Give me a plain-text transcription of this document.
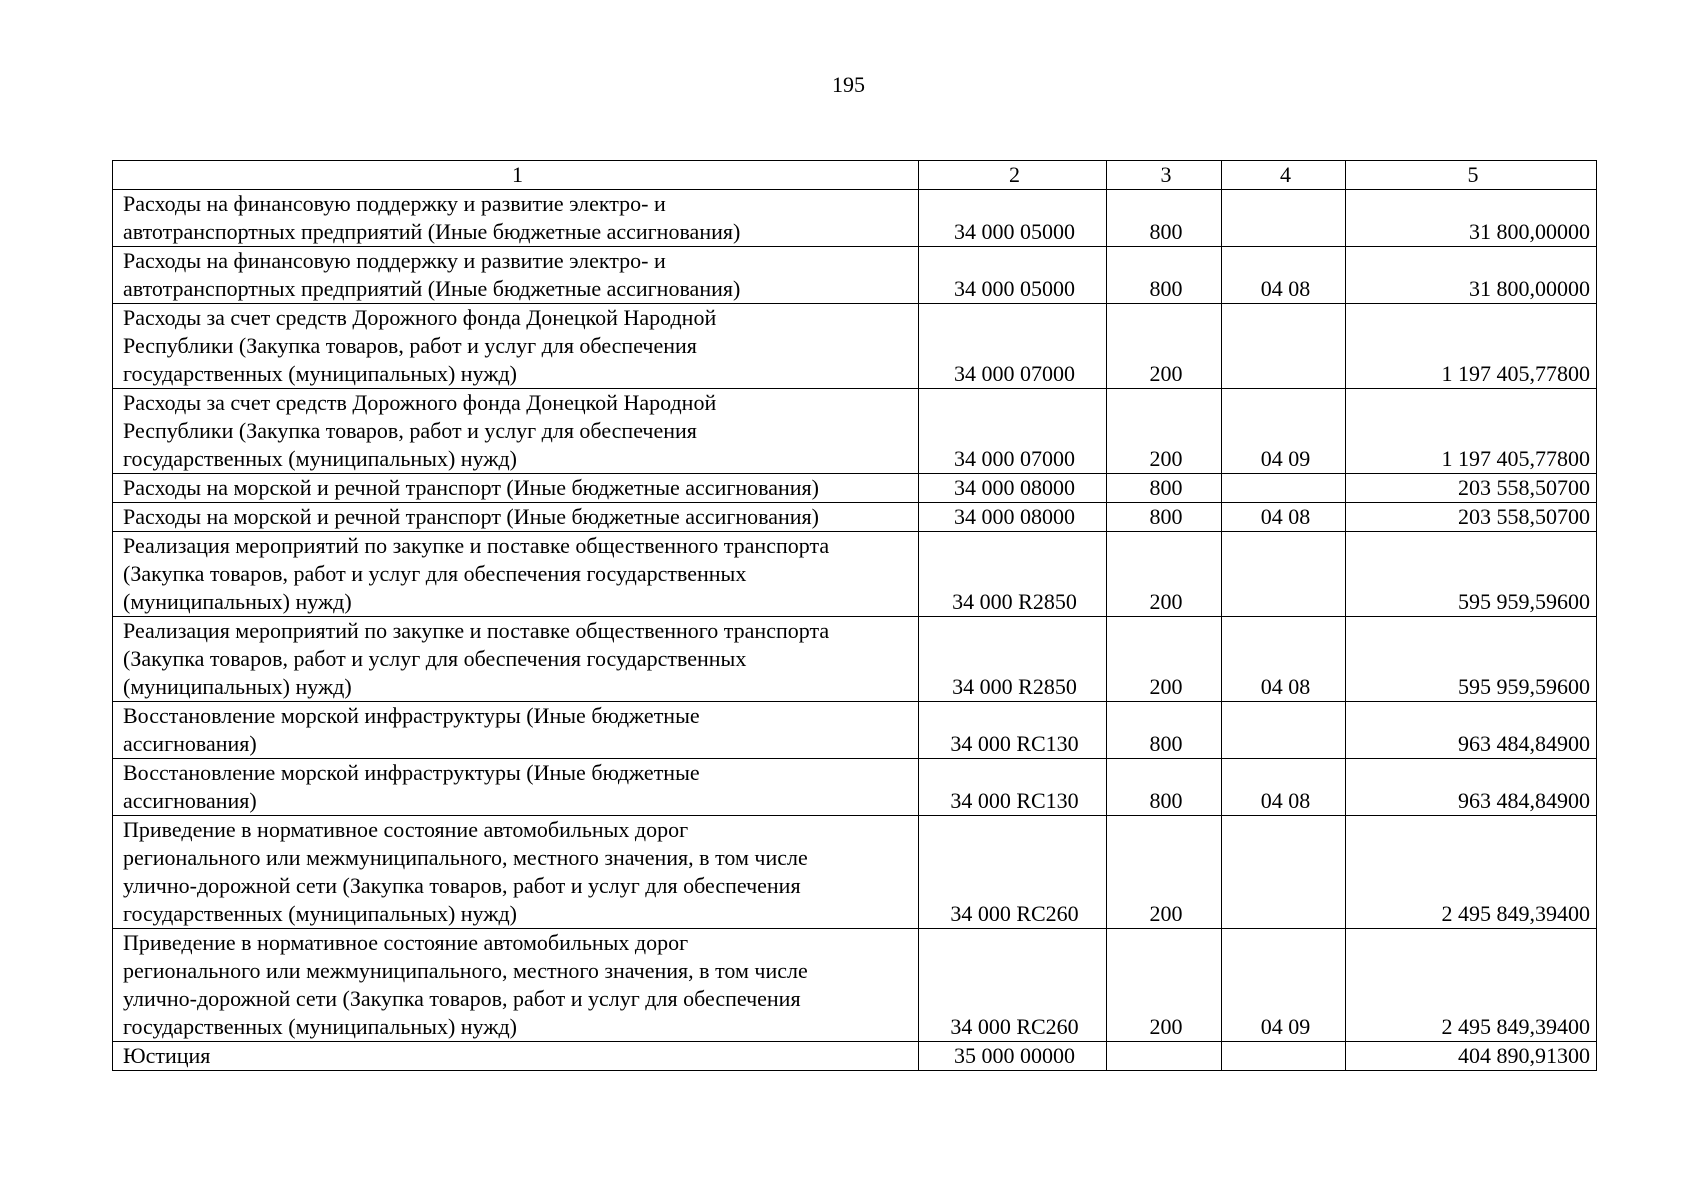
195
1	2	3	4	5
Расходы на финансовую поддержку и развитие электро- и
автотранспортных предприятий (Иные бюджетные ассигнования)	34 000 05000	800		31 800,00000
Расходы на финансовую поддержку и развитие электро- и
автотранспортных предприятий (Иные бюджетные ассигнования)	34 000 05000	800	04 08	31 800,00000
Расходы за счет средств Дорожного фонда Донецкой Народной
Республики (Закупка товаров, работ и услуг для обеспечения
государственных (муниципальных) нужд)	34 000 07000	200		1 197 405,77800
Расходы за счет средств Дорожного фонда Донецкой Народной
Республики (Закупка товаров, работ и услуг для обеспечения
государственных (муниципальных) нужд)	34 000 07000	200	04 09	1 197 405,77800
Расходы на морской и речной транспорт (Иные бюджетные ассигнования)	34 000 08000	800		203 558,50700
Расходы на морской и речной транспорт (Иные бюджетные ассигнования)	34 000 08000	800	04 08	203 558,50700
Реализация мероприятий по закупке и поставке общественного транспорта
(Закупка товаров, работ и услуг для обеспечения государственных
(муниципальных) нужд)	34 000 R2850	200		595 959,59600
Реализация мероприятий по закупке и поставке общественного транспорта
(Закупка товаров, работ и услуг для обеспечения государственных
(муниципальных) нужд)	34 000 R2850	200	04 08	595 959,59600
Восстановление морской инфраструктуры (Иные бюджетные
ассигнования)	34 000 RC130	800		963 484,84900
Восстановление морской инфраструктуры (Иные бюджетные
ассигнования)	34 000 RC130	800	04 08	963 484,84900
Приведение в нормативное состояние автомобильных дорог
регионального или межмуниципального, местного значения, в том числе
улично-дорожной сети (Закупка товаров, работ и услуг для обеспечения
государственных (муниципальных) нужд)	34 000 RC260	200		2 495 849,39400
Приведение в нормативное состояние автомобильных дорог
регионального или межмуниципального, местного значения, в том числе
улично-дорожной сети (Закупка товаров, работ и услуг для обеспечения
государственных (муниципальных) нужд)	34 000 RC260	200	04 09	2 495 849,39400
Юстиция	35 000 00000			404 890,91300
